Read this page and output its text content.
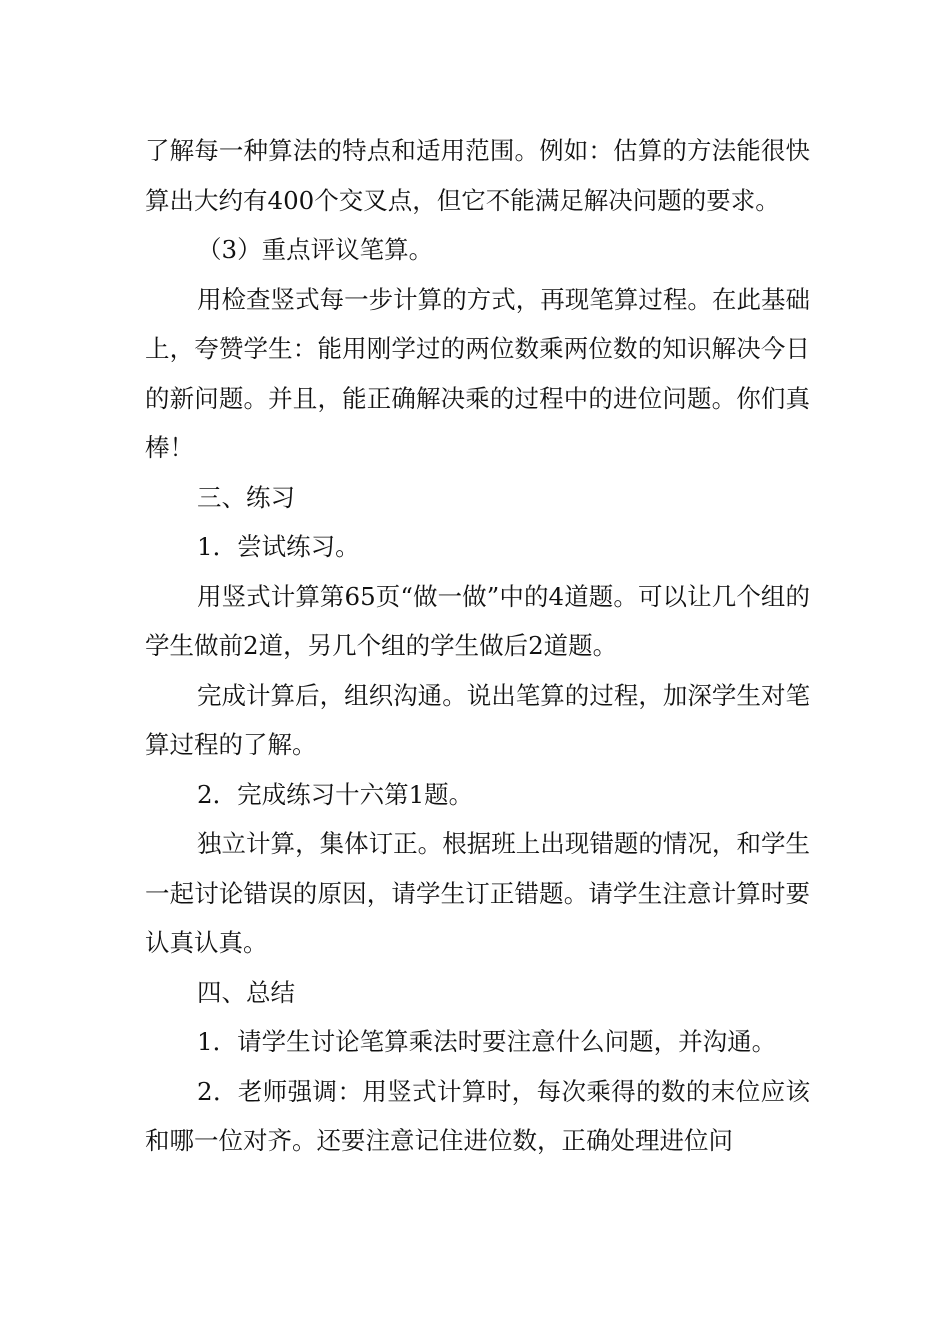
了解每一种算法的特点和适用范围。例如：估算的方法能很快算出大约有400个交叉点，但它不能满足解决问题的要求。

（3）重点评议笔算。

用检查竖式每一步计算的方式，再现笔算过程。在此基础上，夸赞学生：能用刚学过的两位数乘两位数的知识解决今日的新问题。并且，能正确解决乘的过程中的进位问题。你们真棒！

三、练习

1．尝试练习。

用竖式计算第65页“做一做”中的4道题。可以让几个组的学生做前2道，另几个组的学生做后2道题。

完成计算后，组织沟通。说出笔算的过程，加深学生对笔算过程的了解。

2．完成练习十六第1题。

独立计算，集体订正。根据班上出现错题的情况，和学生一起讨论错误的原因，请学生订正错题。请学生注意计算时要认真认真。

四、总结

1．请学生讨论笔算乘法时要注意什么问题，并沟通。

2．老师强调：用竖式计算时，每次乘得的数的末位应该和哪一位对齐。还要注意记住进位数，正确处理进位问
